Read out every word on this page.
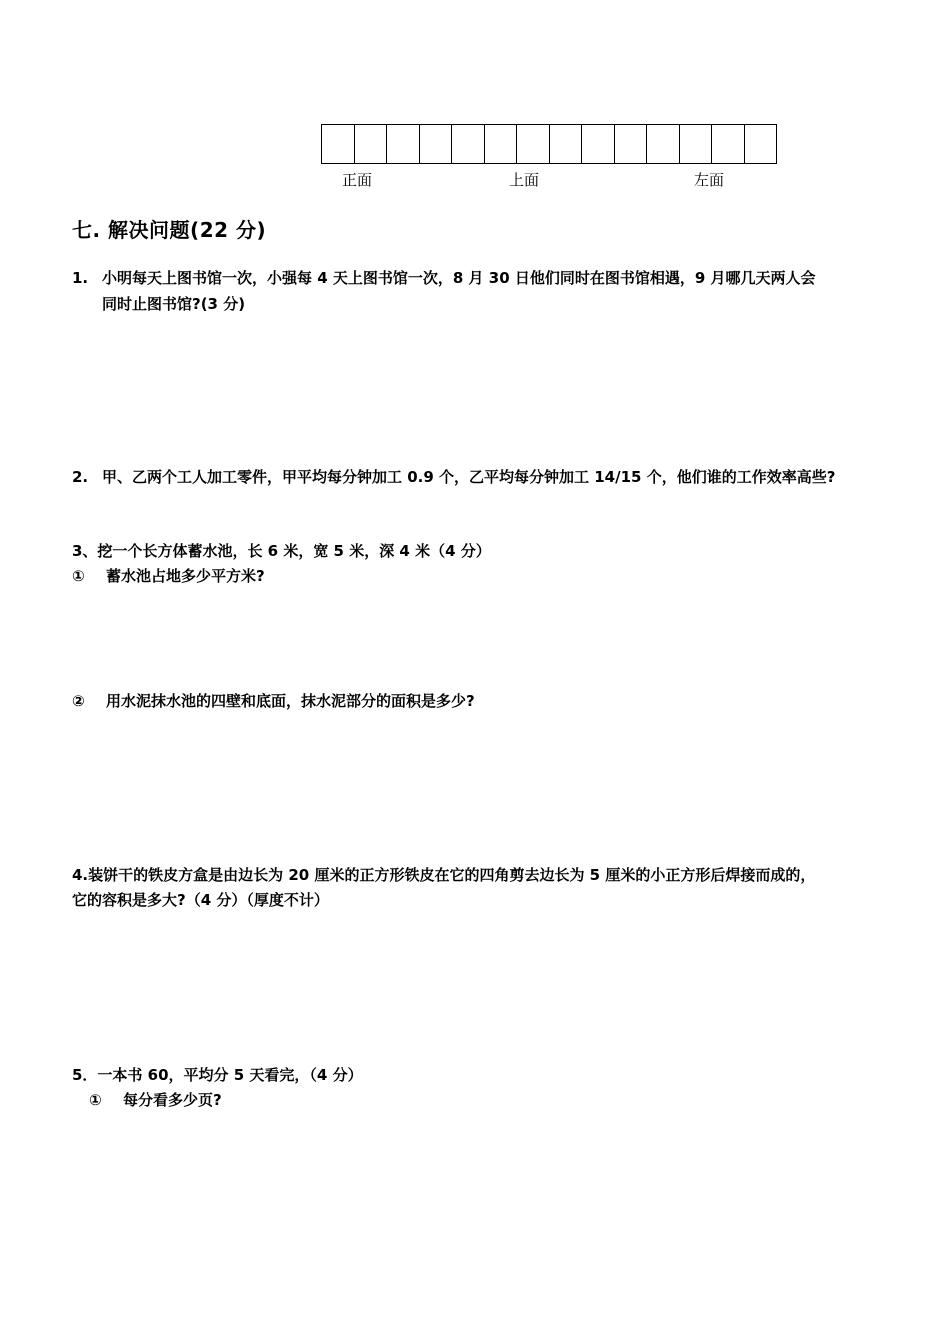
正面	上面	左面
七. 解决问题(22 分)
1. 小明每天上图书馆一次，小强每 4 天上图书馆一次，8 月 30 日他们同时在图书馆相遇，9 月哪几天两人会
同时止图书馆?(3 分)
2. 甲、乙两个工人加工零件，甲平均每分钟加工 0.9 个，乙平均每分钟加工 14/15 个，他们谁的工作效率高些?
3、挖一个长方体蓄水池，长 6 米，宽 5 米，深 4 米（4 分）
① 蓄水池占地多少平方米?
② 用水泥抹水池的四壁和底面，抹水泥部分的面积是多少?
4.装饼干的铁皮方盒是由边长为 20 厘米的正方形铁皮在它的四角剪去边长为 5 厘米的小正方形后焊接而成的，
它的容积是多大?（4 分）（厚度不计）
5．一本书 60，平均分 5 天看完，（4 分）
① 每分看多少页?
